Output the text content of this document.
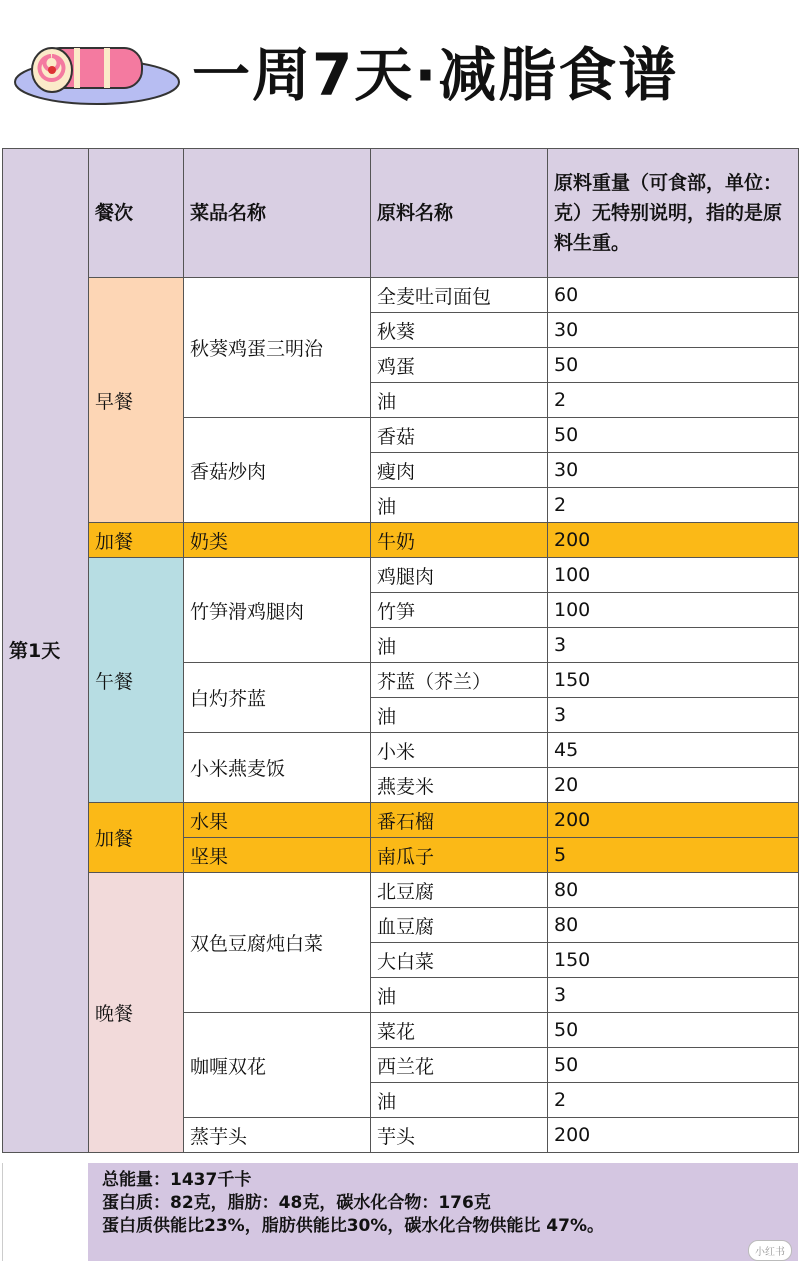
一周7天·减脂食谱
第1天	餐次	菜品名称	原料名称	原料重量（可食部，单位：克）无特别说明，指的是原料生重。
	早餐	秋葵鸡蛋三明治	全麦吐司面包	60
			秋葵	30
			鸡蛋	50
			油	2
		香菇炒肉	香菇	50
			瘦肉	30
			油	2
	加餐	奶类	牛奶	200
	午餐	竹笋滑鸡腿肉	鸡腿肉	100
			竹笋	100
			油	3
		白灼芥蓝	芥蓝（芥兰）	150
			油	3
		小米燕麦饭	小米	45
			燕麦米	20
	加餐	水果	番石榴	200
		坚果	南瓜子	5
	晚餐	双色豆腐炖白菜	北豆腐	80
			血豆腐	80
			大白菜	150
			油	3
		咖喱双花	菜花	50
			西兰花	50
			油	2
		蒸芋头	芋头	200
总能量：1437千卡
蛋白质：82克，脂肪：48克，碳水化合物：176克
蛋白质供能比23%，脂肪供能比30%，碳水化合物供能比 47%。
小红书
